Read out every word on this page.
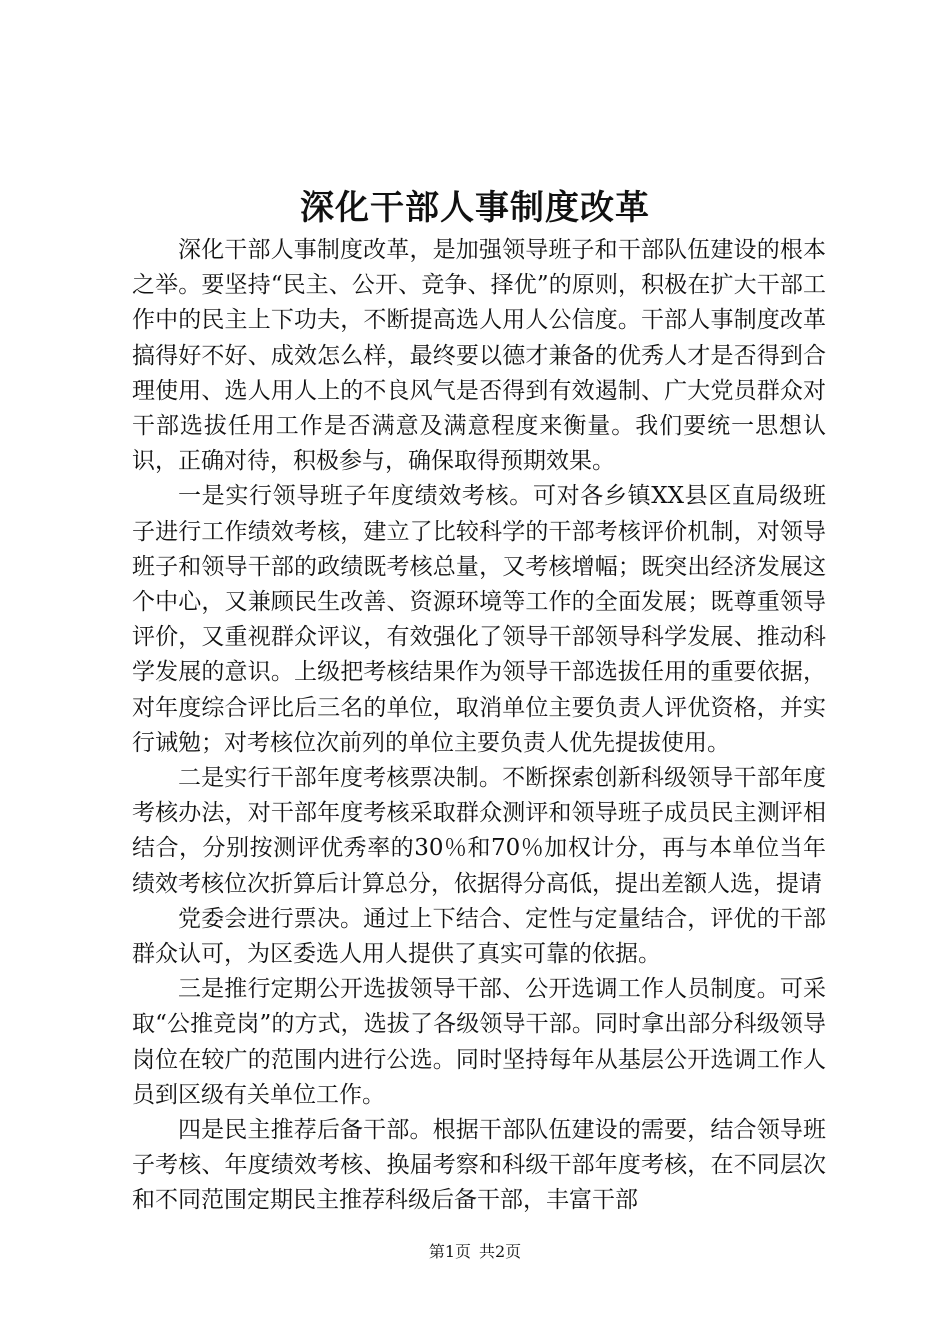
深化干部人事制度改革

深化干部人事制度改革，是加强领导班子和干部队伍建设的根本之举。要坚持“民主、公开、竞争、择优”的原则，积极在扩大干部工作中的民主上下功夫，不断提高选人用人公信度。干部人事制度改革搞得好不好、成效怎么样，最终要以德才兼备的优秀人才是否得到合理使用、选人用人上的不良风气是否得到有效遏制、广大党员群众对干部选拔任用工作是否满意及满意程度来衡量。我们要统一思想认识，正确对待，积极参与，确保取得预期效果。

一是实行领导班子年度绩效考核。可对各乡镇XX县区直局级班子进行工作绩效考核，建立了比较科学的干部考核评价机制，对领导班子和领导干部的政绩既考核总量，又考核增幅；既突出经济发展这个中心，又兼顾民生改善、资源环境等工作的全面发展；既尊重领导评价，又重视群众评议，有效强化了领导干部领导科学发展、推动科学发展的意识。上级把考核结果作为领导干部选拔任用的重要依据，对年度综合评比后三名的单位，取消单位主要负责人评优资格，并实行诫勉；对考核位次前列的单位主要负责人优先提拔使用。

二是实行干部年度考核票决制。不断探索创新科级领导干部年度考核办法，对干部年度考核采取群众测评和领导班子成员民主测评相结合，分别按测评优秀率的30％和70％加权计分，再与本单位当年绩效考核位次折算后计算总分，依据得分高低，提出差额人选，提请

党委会进行票决。通过上下结合、定性与定量结合，评优的干部群众认可，为区委选人用人提供了真实可靠的依据。

三是推行定期公开选拔领导干部、公开选调工作人员制度。可采取“公推竞岗”的方式，选拔了各级领导干部。同时拿出部分科级领导岗位在较广的范围内进行公选。同时坚持每年从基层公开选调工作人员到区级有关单位工作。

四是民主推荐后备干部。根据干部队伍建设的需要，结合领导班子考核、年度绩效考核、换届考察和科级干部年度考核，在不同层次和不同范围定期民主推荐科级后备干部，丰富干部

第1页 共2页
